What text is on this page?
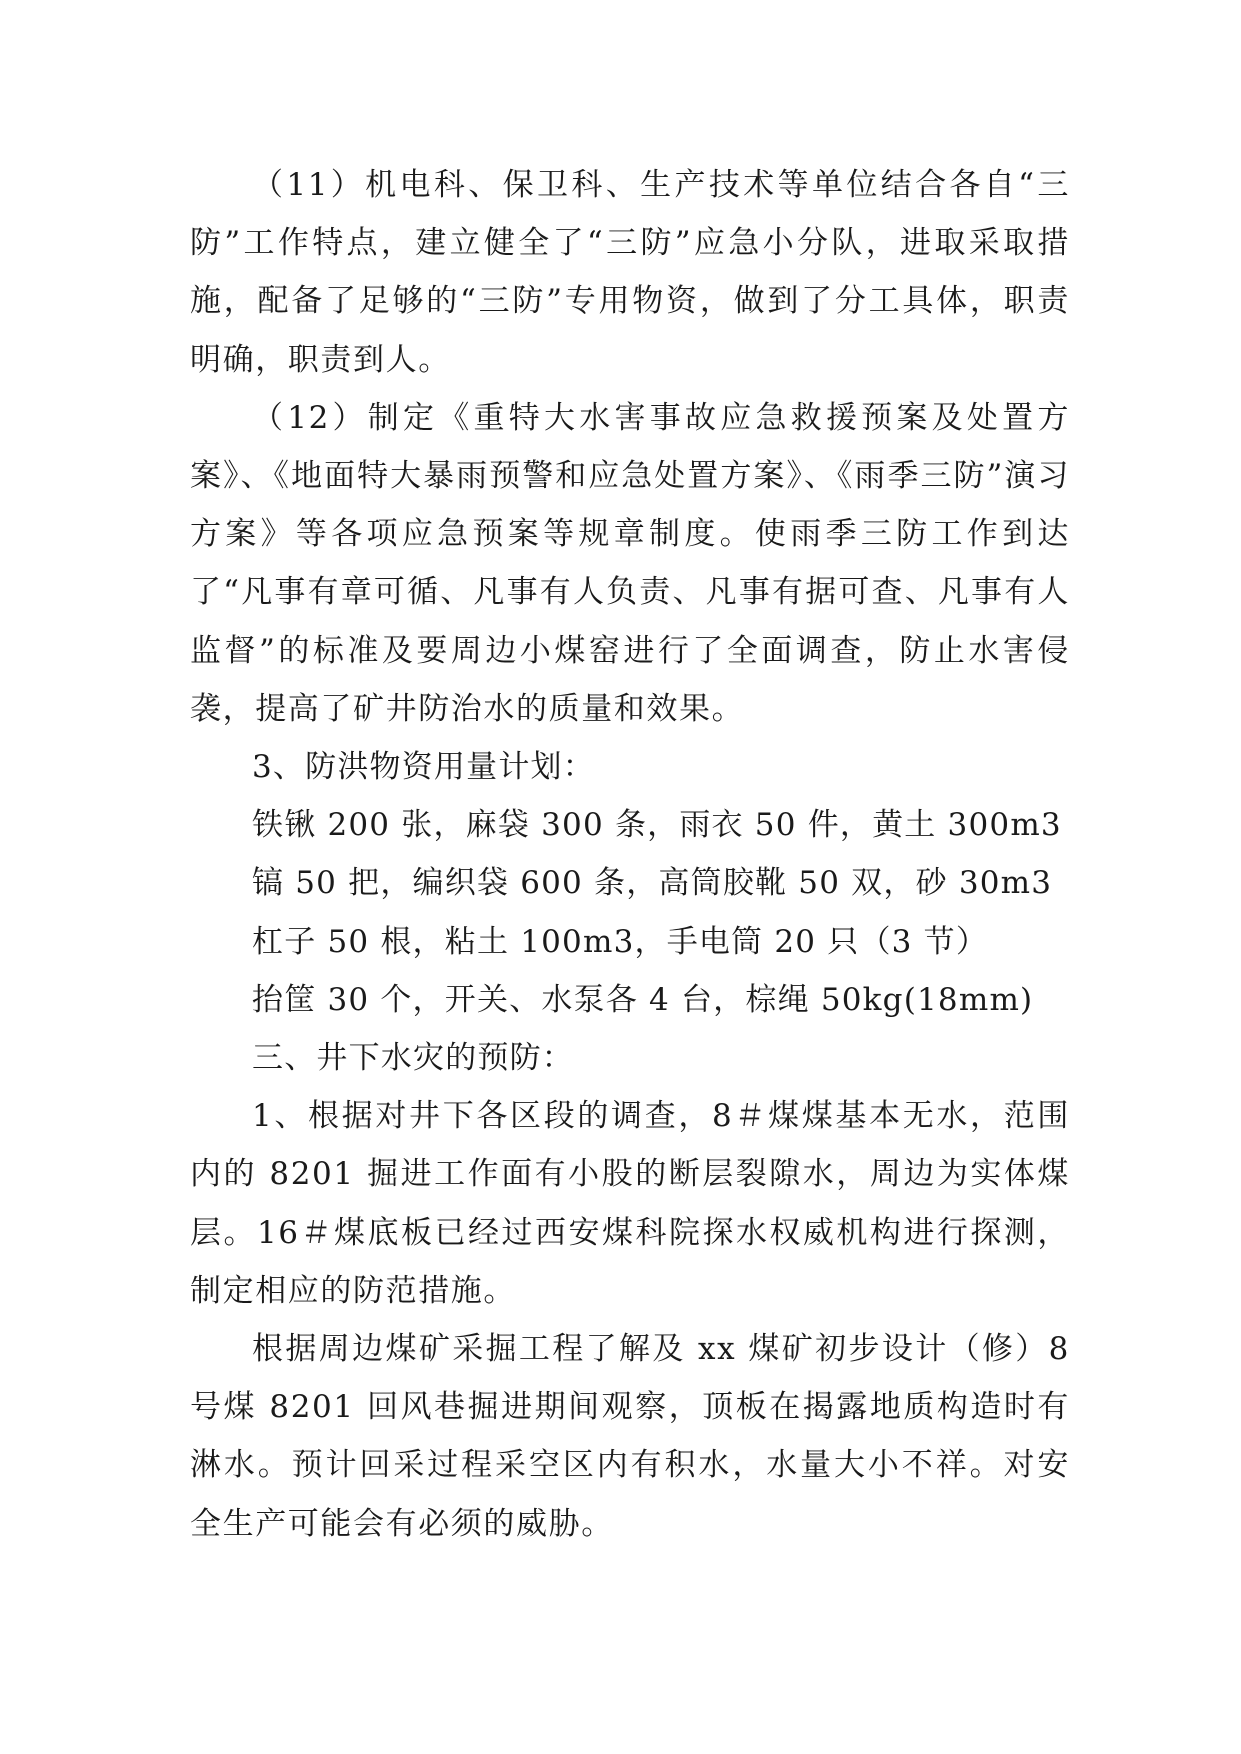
（11）机电科、保卫科、生产技术等单位结合各自“三防”工作特点，建立健全了“三防”应急小分队，进取采取措施，配备了足够的“三防”专用物资，做到了分工具体，职责明确，职责到人。

（12）制定《重特大水害事故应急救援预案及处置方案》、《地面特大暴雨预警和应急处置方案》、《雨季三防”演习方案》等各项应急预案等规章制度。使雨季三防工作到达了“凡事有章可循、凡事有人负责、凡事有据可查、凡事有人监督”的标准及要周边小煤窑进行了全面调查，防止水害侵袭，提高了矿井防治水的质量和效果。

3、防洪物资用量计划：

铁锹 200 张，麻袋 300 条，雨衣 50 件，黄土 300m3

镐 50 把，编织袋 600 条，高筒胶靴 50 双，砂 30m3

杠子 50 根，粘土 100m3，手电筒 20 只（3 节）

抬筐 30 个，开关、水泵各 4 台，棕绳 50kg(18mm)

三、井下水灾的预防：

1、根据对井下各区段的调查，8＃煤煤基本无水，范围内的 8201 掘进工作面有小股的断层裂隙水，周边为实体煤层。16＃煤底板已经过西安煤科院探水权威机构进行探测，制定相应的防范措施。

根据周边煤矿采掘工程了解及 xx 煤矿初步设计（修）8 号煤 8201 回风巷掘进期间观察，顶板在揭露地质构造时有淋水。预计回采过程采空区内有积水，水量大小不祥。对安全生产可能会有必须的威胁。
